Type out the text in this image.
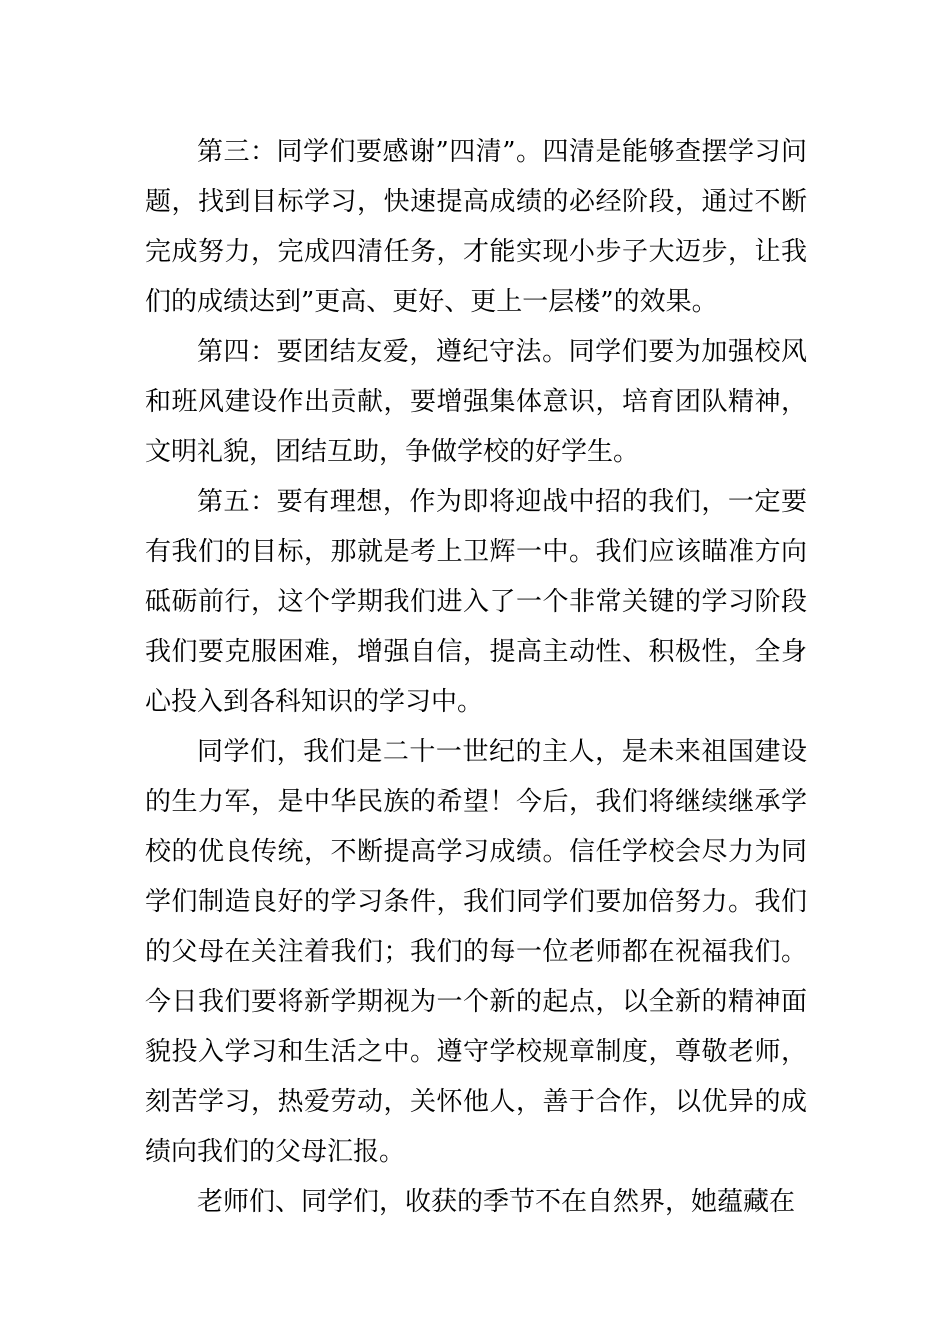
第三：同学们要感谢”四清”。四清是能够查摆学习问题，找到目标学习，快速提高成绩的必经阶段，通过不断完成努力，完成四清任务，才能实现小步子大迈步，让我们的成绩达到”更高、更好、更上一层楼”的效果。

第四：要团结友爱，遵纪守法。同学们要为加强校风和班风建设作出贡献，要增强集体意识，培育团队精神，文明礼貌，团结互助，争做学校的好学生。

第五：要有理想，作为即将迎战中招的我们，一定要有我们的目标，那就是考上卫辉一中。我们应该瞄准方向砥砺前行，这个学期我们进入了一个非常关键的学习阶段我们要克服困难，增强自信，提高主动性、积极性，全身心投入到各科知识的学习中。

同学们，我们是二十一世纪的主人，是未来祖国建设的生力军，是中华民族的希望！今后，我们将继续继承学校的优良传统，不断提高学习成绩。信任学校会尽力为同学们制造良好的学习条件，我们同学们要加倍努力。我们的父母在关注着我们；我们的每一位老师都在祝福我们。今日我们要将新学期视为一个新的起点，以全新的精神面貌投入学习和生活之中。遵守学校规章制度，尊敬老师，刻苦学习，热爱劳动，关怀他人，善于合作，以优异的成绩向我们的父母汇报。

老师们、同学们，收获的季节不在自然界，她蕴藏在
